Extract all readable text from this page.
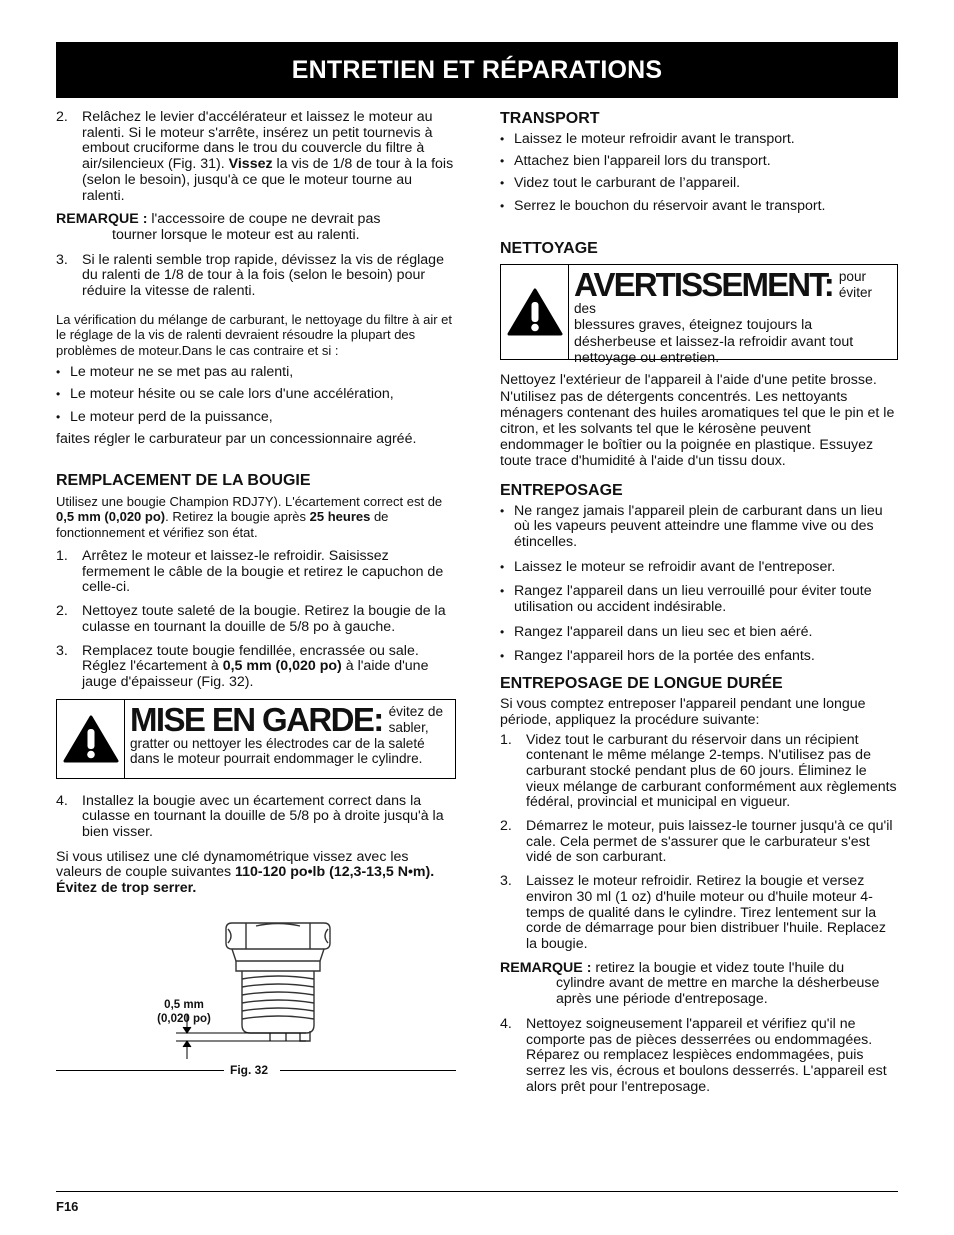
ENTRETIEN ET RÉPARATIONS
2. Relâchez le levier d'accélérateur et laissez le moteur au ralenti. Si le moteur s'arrête, insérez un petit tournevis à embout cruciforme dans le trou du couvercle du filtre à air/silencieux (Fig. 31). Vissez la vis de 1/8 de tour à la fois (selon le besoin), jusqu'à ce que le moteur tourne au ralenti.
REMARQUE : l'accessoire de coupe ne devrait pas
tourner lorsque le moteur est au ralenti.
3. Si le ralenti semble trop rapide, dévissez la vis de réglage du ralenti de 1/8 de tour à la fois (selon le besoin) pour réduire la vitesse de ralenti.

La vérification du mélange de carburant, le nettoyage du filtre à air et le réglage de la vis de ralenti devraient résoudre la plupart des problèmes de moteur.Dans le cas contraire et si :

• Le moteur ne se met pas au ralenti,
• Le moteur hésite ou se cale lors d'une accélération,
• Le moteur perd de la puissance,

faites régler le carburateur par un concessionnaire agréé.

REMPLACEMENT DE LA BOUGIE

Utilisez une bougie Champion RDJ7Y). L'écartement correct est de 0,5 mm (0,020 po). Retirez la bougie après 25 heures de fonctionnement et vérifiez son état.

1. Arrêtez le moteur et laissez-le refroidir. Saisissez fermement le câble de la bougie et retirez le capuchon de celle-ci.
2. Nettoyez toute saleté de la bougie. Retirez la bougie de la culasse en tournant la douille de 5/8 po à gauche.
3. Remplacez toute bougie fendillée, encrassée ou sale. Réglez l'écartement à 0,5 mm (0,020 po) à l'aide d'une jauge d'épaisseur (Fig. 32).
MISE EN GARDE: évitez de sabler,
gratter ou nettoyer les électrodes car de la saleté dans le moteur pourrait endommager le cylindre.
4. Installez la bougie avec un écartement correct dans la culasse en tournant la douille de 5/8 po à droite jusqu'à la bien visser.

Si vous utilisez une clé dynamométrique vissez avec les valeurs de couple suivantes 110-120 po•lb (12,3-13,5 N•m). Évitez de trop serrer.

0,5 mm
(0,020 po)
Fig. 32
TRANSPORT
• Laissez le moteur refroidir avant le transport.
• Attachez bien l'appareil lors du transport.
• Videz tout le carburant de l’appareil.
• Serrez le bouchon du réservoir avant le transport.
NETTOYAGE
AVERTISSEMENT: pour éviter des
blessures graves, éteignez toujours la désherbeuse et laissez-la refroidir avant tout nettoyage ou entretien.

Nettoyez l'extérieur de l'appareil à l'aide d'une petite brosse. N'utilisez pas de détergents concentrés. Les nettoyants ménagers contenant des huiles aromatiques tel que le pin et le citron, et les solvants tel que le kérosène peuvent endommager le boîtier ou la poignée en plastique. Essuyez toute trace d'humidité à l'aide d'un tissu doux.

ENTREPOSAGE
• Ne rangez jamais l'appareil plein de carburant dans un lieu où les vapeurs peuvent atteindre une flamme vive ou des étincelles.
• Laissez le moteur se refroidir avant de l'entreposer.
• Rangez l'appareil dans un lieu verrouillé pour éviter toute utilisation ou accident indésirable.
• Rangez l'appareil dans un lieu sec et bien aéré.
• Rangez l'appareil hors de la portée des enfants.
ENTREPOSAGE DE LONGUE DURÉE

Si vous comptez entreposer l'appareil pendant une longue période, appliquez la procédure suivante:

1. Videz tout le carburant du réservoir dans un récipient contenant le même mélange 2-temps. N'utilisez pas de carburant stocké pendant plus de 60 jours. Éliminez le vieux mélange de carburant conformément aux règlements fédéral, provincial et municipal en vigueur.
2. Démarrez le moteur, puis laissez-le tourner jusqu'à ce qu'il cale. Cela permet de s'assurer que le carburateur s'est vidé de son carburant.
3. Laissez le moteur refroidir. Retirez la bougie et versez environ 30 ml (1 oz) d'huile moteur ou d'huile moteur 4-temps de qualité dans le cylindre. Tirez lentement sur la corde de démarrage pour bien distribuer l'huile. Replacez la bougie.
REMARQUE : retirez la bougie et videz toute l'huile du
cylindre avant de mettre en marche la désherbeuse après une période d'entreposage.
4. Nettoyez soigneusement l'appareil et vérifiez qu'il ne comporte pas de pièces desserrées ou endommagées. Réparez ou remplacez lespièces endommagées, puis serrez les vis, écrous et boulons desserrés. L'appareil est alors prêt pour l'entreposage.
F16
